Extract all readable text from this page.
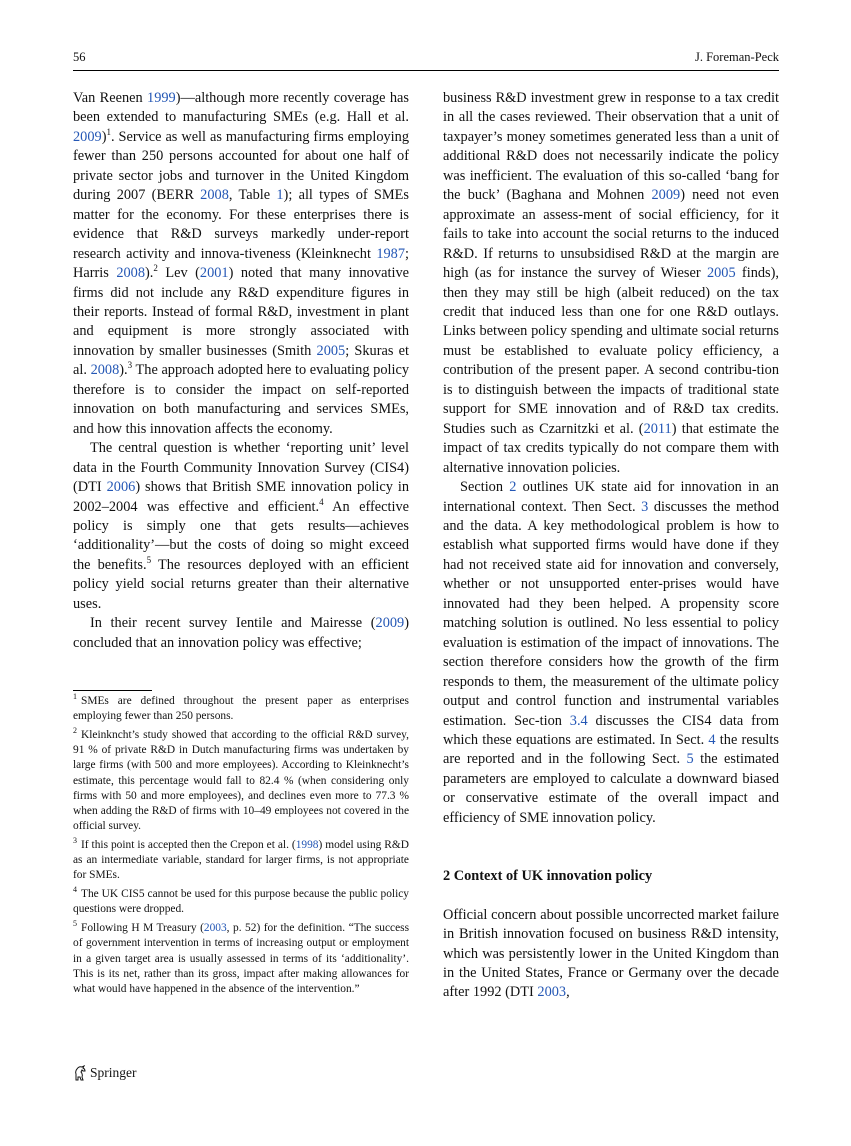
56	J. Foreman-Peck

Van Reenen 1999)—although more recently coverage has been extended to manufacturing SMEs (e.g. Hall et al. 2009)$^1$. Service as well as manufacturing firms employing fewer than 250 persons accounted for about one half of private sector jobs and turnover in the United Kingdom during 2007 (BERR 2008, Table 1); all types of SMEs matter for the economy. For these enterprises there is evidence that R&D surveys markedly under-report research activity and innova-tiveness (Kleinknecht 1987; Harris 2008).$^2$ Lev (2001) noted that many innovative firms did not include any R&D expenditure figures in their reports. Instead of formal R&D, investment in plant and equipment is more strongly associated with innovation by smaller businesses (Smith 2005; Skuras et al. 2008).$^3$ The approach adopted here to evaluating policy therefore is to consider the impact on self-reported innovation on both manufacturing and services SMEs, and how this innovation affects the economy.

The central question is whether ‘reporting unit’ level data in the Fourth Community Innovation Survey (CIS4) (DTI 2006) shows that British SME innovation policy in 2002–2004 was effective and efficient.$^4$ An effective policy is simply one that gets results—achieves ‘additionality’—but the costs of doing so might exceed the benefits.$^5$ The resources deployed with an efficient policy yield social returns greater than their alternative uses.

In their recent survey Ientile and Mairesse (2009) concluded that an innovation policy was effective;

$^1$ SMEs are defined throughout the present paper as enterprises employing fewer than 250 persons.

$^2$ Kleinkncht’s study showed that according to the official R&D survey, 91 % of private R&D in Dutch manufacturing firms was undertaken by large firms (with 500 and more employees). According to Kleinknecht’s estimate, this percentage would fall to 82.4 % (when considering only firms with 50 and more employees), and declines even more to 77.3 % when adding the R&D of firms with 10–49 employees not covered in the official survey.

$^3$ If this point is accepted then the Crepon et al. (1998) model using R&D as an intermediate variable, standard for larger firms, is not appropriate for SMEs.

$^4$ The UK CIS5 cannot be used for this purpose because the public policy questions were dropped.

$^5$ Following H M Treasury (2003, p. 52) for the definition. “The success of government intervention in terms of increasing output or employment in a given target area is usually assessed in terms of its ‘additionality’. This is its net, rather than its gross, impact after making allowances for what would have happened in the absence of the intervention.”

business R&D investment grew in response to a tax credit in all the cases reviewed. Their observation that a unit of taxpayer’s money sometimes generated less than a unit of additional R&D does not necessarily indicate the policy was inefficient. The evaluation of this so-called ‘bang for the buck’ (Baghana and Mohnen 2009) need not even approximate an assess-ment of social efficiency, for it fails to take into account the social returns to the induced R&D. If returns to unsubsidised R&D at the margin are high (as for instance the survey of Wieser 2005 finds), then they may still be high (albeit reduced) on the tax credit that induced less than one for one R&D outlays. Links between policy spending and ultimate social returns must be established to evaluate policy efficiency, a contribution of the present paper. A second contribu-tion is to distinguish between the impacts of traditional state support for SME innovation and of R&D tax credits. Studies such as Czarnitzki et al. (2011) that estimate the impact of tax credits typically do not compare them with alternative innovation policies.

Section 2 outlines UK state aid for innovation in an international context. Then Sect. 3 discusses the method and the data. A key methodological problem is how to establish what supported firms would have done if they had not received state aid for innovation and conversely, whether or not unsupported enter-prises would have innovated had they been helped. A propensity score matching solution is outlined. No less essential to policy evaluation is estimation of the impact of innovations. The section therefore considers how the growth of the firm responds to them, the measurement of the ultimate policy output and control function and instrumental variables estimation. Sec-tion 3.4 discusses the CIS4 data from which these equations are estimated. In Sect. 4 the results are reported and in the following Sect. 5 the estimated parameters are employed to calculate a downward biased or conservative estimate of the overall impact and efficiency of SME innovation policy.

2 Context of UK innovation policy

Official concern about possible uncorrected market failure in British innovation focused on business R&D intensity, which was persistently lower in the United Kingdom than in the United States, France or Germany over the decade after 1992 (DTI 2003,

Springer
